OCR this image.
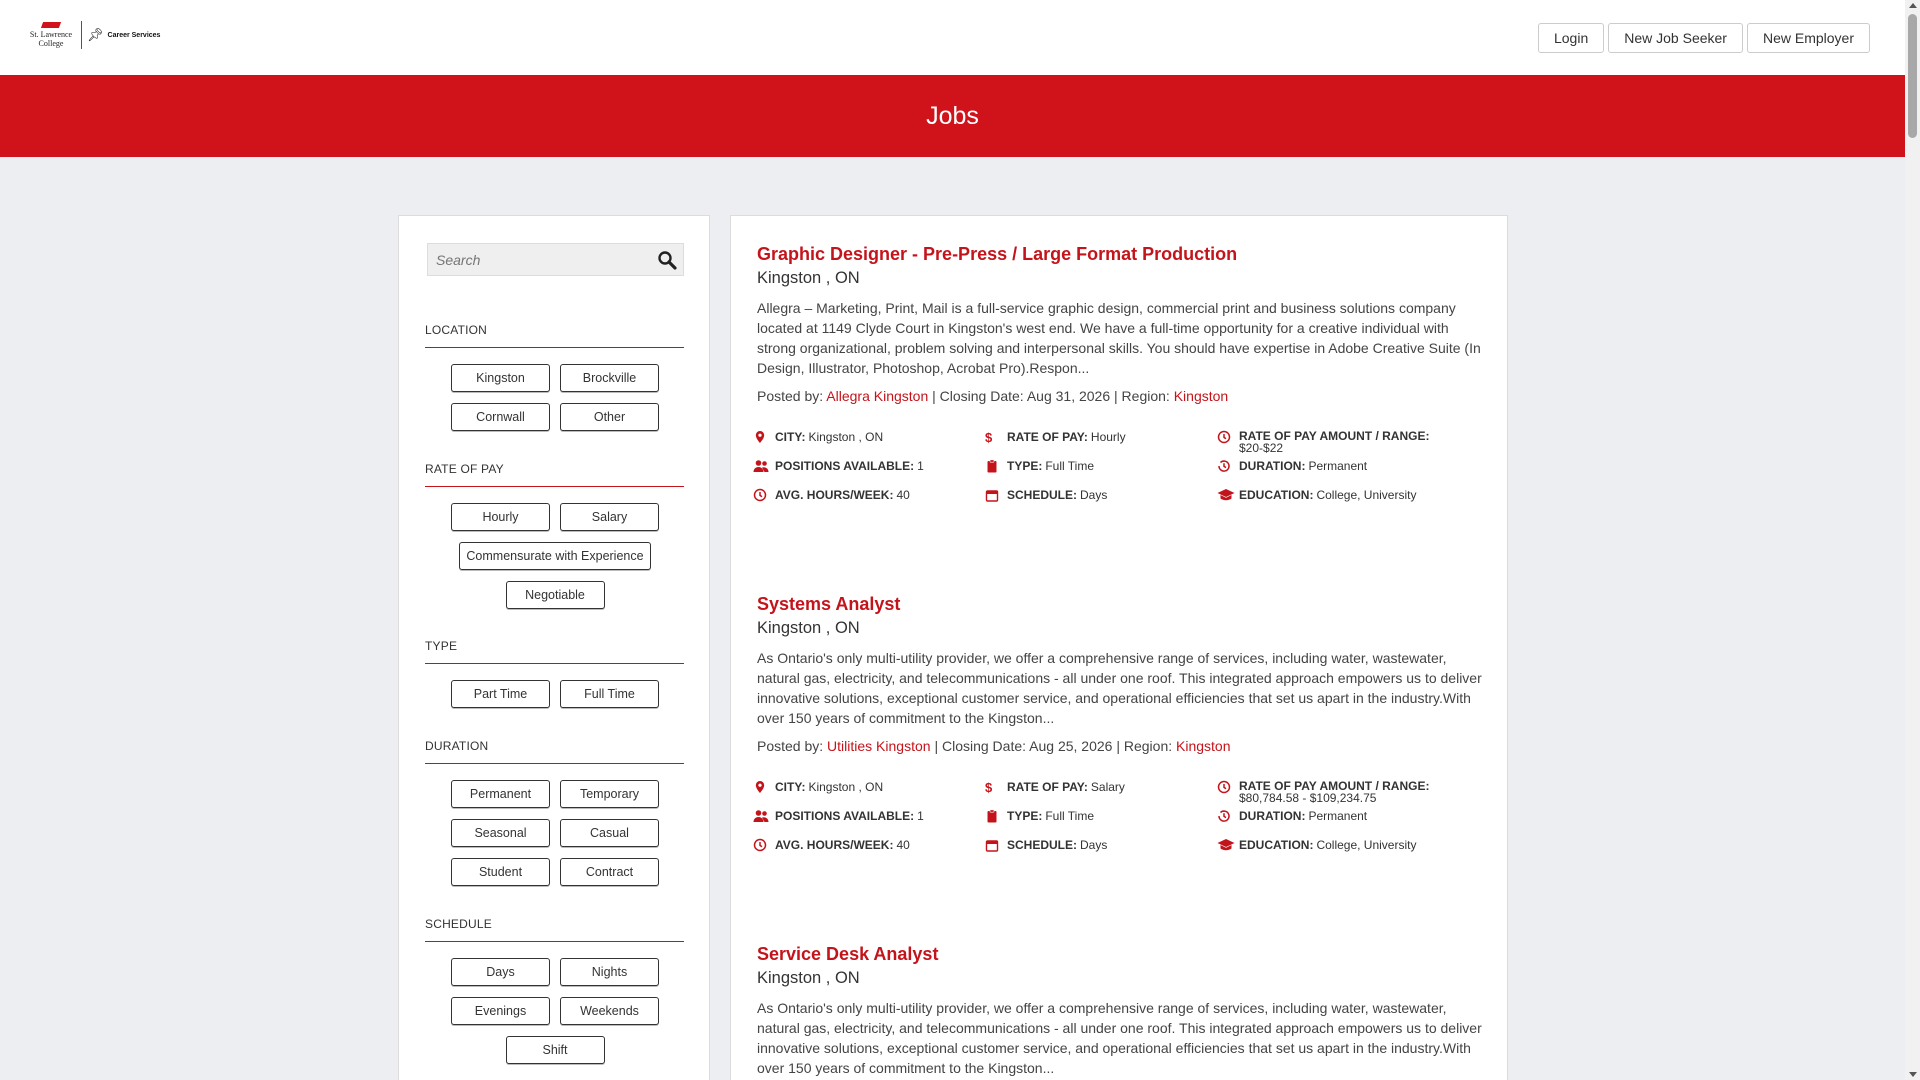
St. Lawrence College
📌︎ Career Services	Login	New Job Seeker	New Employer
Jobs
Search
LOCATION
Kingston	Brockville
Cornwall	Other
RATE OF PAY
Hourly	Salary
Commensurate with Experience
Negotiable
TYPE
Part Time	Full Time
DURATION
Permanent	Temporary
Seasonal	Casual
Student	Contract
SCHEDULE
Days	Nights
Evenings	Weekends
Shift
Graphic Designer - Pre-Press / Large Format Production
Kingston , ON
Allegra – Marketing, Print, Mail is a full-service graphic design, commercial print and business solutions company located at 1149 Clyde Court in Kingston's west end. We have a full-time opportunity for a creative individual with strong organizational, problem solving and interpersonal skills. You should have expertise in Adobe Creative Suite (In Design, Illustrator, Photoshop, Acrobat Pro).Respon...
Posted by: Allegra Kingston | Closing Date: Aug 31, 2026 | Region: Kingston
CITY: Kingston , ON	$	RATE OF PAY: Hourly	RATE OF PAY AMOUNT / RANGE:
$20-$22
POSITIONS AVAILABLE: 1	TYPE: Full Time	DURATION: Permanent
AVG. HOURS/WEEK: 40	SCHEDULE: Days	EDUCATION: College, University
Systems Analyst
Kingston , ON
As Ontario's only multi-utility provider, we offer a comprehensive range of services, including water, wastewater, natural gas, electricity, and telecommunications - all under one roof. This integrated approach empowers us to deliver innovative solutions, exceptional customer service, and operational efficiencies that set us apart in the industry.With over 150 years of commitment to the Kingston...
Posted by: Utilities Kingston | Closing Date: Aug 25, 2026 | Region: Kingston
CITY: Kingston , ON	$	RATE OF PAY: Salary	RATE OF PAY AMOUNT / RANGE:
$80,784.58 - $109,234.75
POSITIONS AVAILABLE: 1	TYPE: Full Time	DURATION: Permanent
AVG. HOURS/WEEK: 40	SCHEDULE: Days	EDUCATION: College, University
Service Desk Analyst
Kingston , ON
As Ontario's only multi-utility provider, we offer a comprehensive range of services, including water, wastewater, natural gas, electricity, and telecommunications - all under one roof. This integrated approach empowers us to deliver innovative solutions, exceptional customer service, and operational efficiencies that set us apart in the industry.With over 150 years of commitment to the Kingston...
